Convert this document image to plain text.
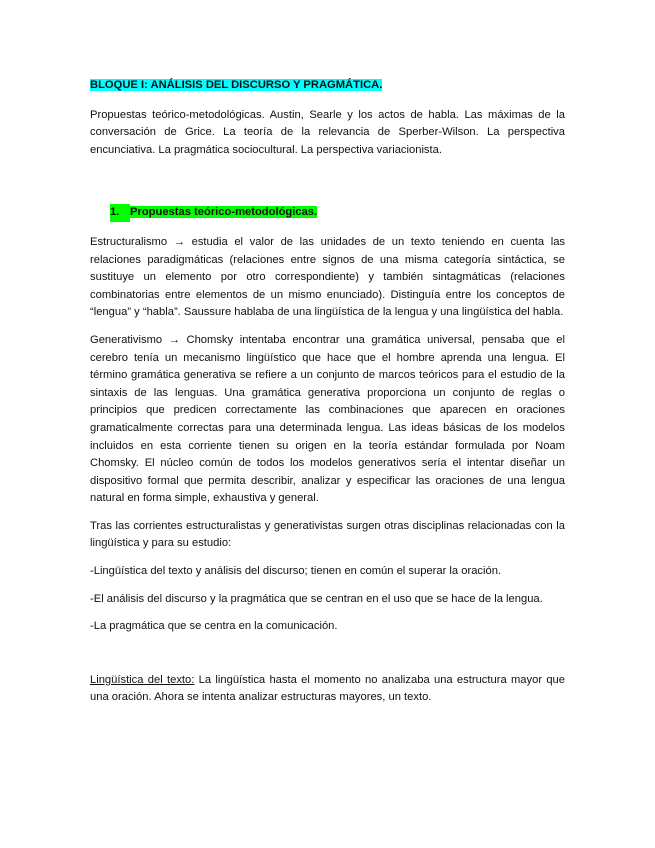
BLOQUE I: ANÁLISIS DEL DISCURSO Y PRAGMÁTICA.

Propuestas teórico-metodológicas. Austin, Searle y los actos de habla. Las máximas de la conversación de Grice. La teoría de la relevancia de Sperber-Wilson. La perspectiva encunciativa. La pragmática sociocultural. La perspectiva variacionista.

1. Propuestas teórico-metodológicas.

Estructuralismo → estudia el valor de las unidades de un texto teniendo en cuenta las relaciones paradigmáticas (relaciones entre signos de una misma categoría sintáctica, se sustituye un elemento por otro correspondiente) y también sintagmáticas (relaciones combinatorias entre elementos de un mismo enunciado). Distinguía entre los conceptos de “lengua” y “habla”. Saussure hablaba de una lingüística de la lengua y una lingüística del habla.

Generativismo → Chomsky intentaba encontrar una gramática universal, pensaba que el cerebro tenía un mecanismo lingüístico que hace que el hombre aprenda una lengua. El término gramática generativa se refiere a un conjunto de marcos teóricos para el estudio de la sintaxis de las lenguas. Una gramática generativa proporciona un conjunto de reglas o principios que predicen correctamente las combinaciones que aparecen en oraciones gramaticalmente correctas para una determinada lengua. Las ideas básicas de los modelos incluidos en esta corriente tienen su origen en la teoría estándar formulada por Noam Chomsky. El núcleo común de todos los modelos generativos sería el intentar diseñar un dispositivo formal que permita describir, analizar y especificar las oraciones de una lengua natural en forma simple, exhaustiva y general.

Tras las corrientes estructuralistas y generativistas surgen otras disciplinas relacionadas con la lingüística y para su estudio:

-Lingüística del texto y análisis del discurso; tienen en común el superar la oración.

-El análisis del discurso y la pragmática que se centran en el uso que se hace de la lengua.

-La pragmática que se centra en la comunicación.

Lingüística del texto: La lingüística hasta el momento no analizaba una estructura mayor que una oración. Ahora se intenta analizar estructuras mayores, un texto.
